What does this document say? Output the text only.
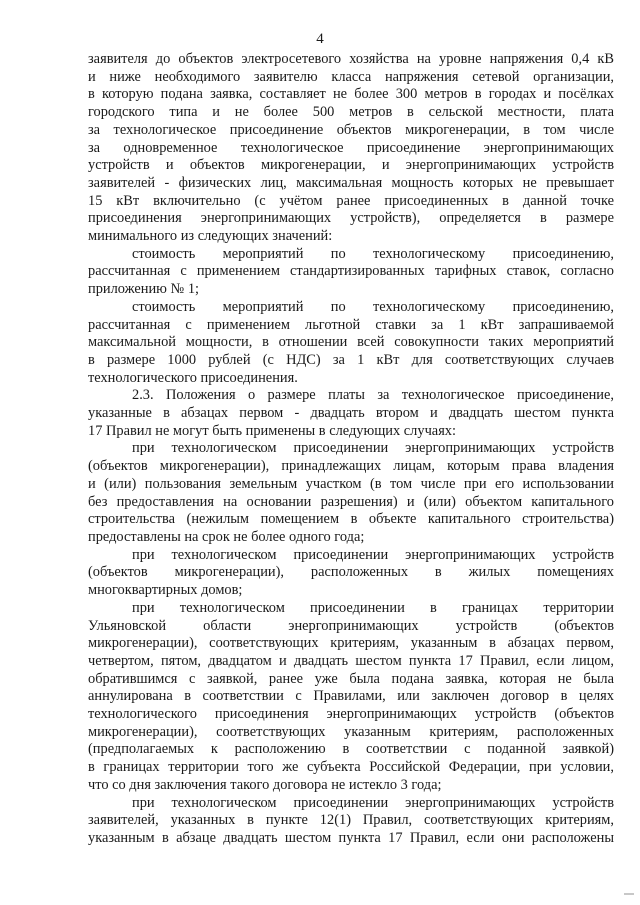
4
заявителя до объектов электросетевого хозяйства на уровне напряжения 0,4 кВ
и ниже необходимого заявителю класса напряжения сетевой организации,
в которую подана заявка, составляет не более 300 метров в городах и посёлках
городского типа и не более 500 метров в сельской местности, плата
за технологическое присоединение объектов микрогенерации, в том числе
за одновременное технологическое присоединение энергопринимающих
устройств и объектов микрогенерации, и энергопринимающих устройств
заявителей - физических лиц, максимальная мощность которых не превышает
15 кВт включительно (с учётом ранее присоединенных в данной точке
присоединения энергопринимающих устройств), определяется в размере
минимального из следующих значений:
стоимость мероприятий по технологическому присоединению,
рассчитанная с применением стандартизированных тарифных ставок, согласно
приложению № 1;
стоимость мероприятий по технологическому присоединению,
рассчитанная с применением льготной ставки за 1 кВт запрашиваемой
максимальной мощности, в отношении всей совокупности таких мероприятий
в размере 1000 рублей (с НДС) за 1 кВт для соответствующих случаев
технологического присоединения.
2.3. Положения о размере платы за технологическое присоединение,
указанные в абзацах первом - двадцать втором и двадцать шестом пункта
17 Правил не могут быть применены в следующих случаях:
при технологическом присоединении энергопринимающих устройств
(объектов микрогенерации), принадлежащих лицам, которым права владения
и (или) пользования земельным участком (в том числе при его использовании
без предоставления на основании разрешения) и (или) объектом капитального
строительства (нежилым помещением в объекте капитального строительства)
предоставлены на срок не более одного года;
при технологическом присоединении энергопринимающих устройств
(объектов микрогенерации), расположенных в жилых помещениях
многоквартирных домов;
при технологическом присоединении в границах территории
Ульяновской области энергопринимающих устройств (объектов
микрогенерации), соответствующих критериям, указанным в абзацах первом,
четвертом, пятом, двадцатом и двадцать шестом пункта 17 Правил, если лицом,
обратившимся с заявкой, ранее уже была подана заявка, которая не была
аннулирована в соответствии с Правилами, или заключен договор в целях
технологического присоединения энергопринимающих устройств (объектов
микрогенерации), соответствующих указанным критериям, расположенных
(предполагаемых к расположению в соответствии с поданной заявкой)
в границах территории того же субъекта Российской Федерации, при условии,
что со дня заключения такого договора не истекло 3 года;
при технологическом присоединении энергопринимающих устройств
заявителей, указанных в пункте 12(1) Правил, соответствующих критериям,
указанным в абзаце двадцать шестом пункта 17 Правил, если они расположены
